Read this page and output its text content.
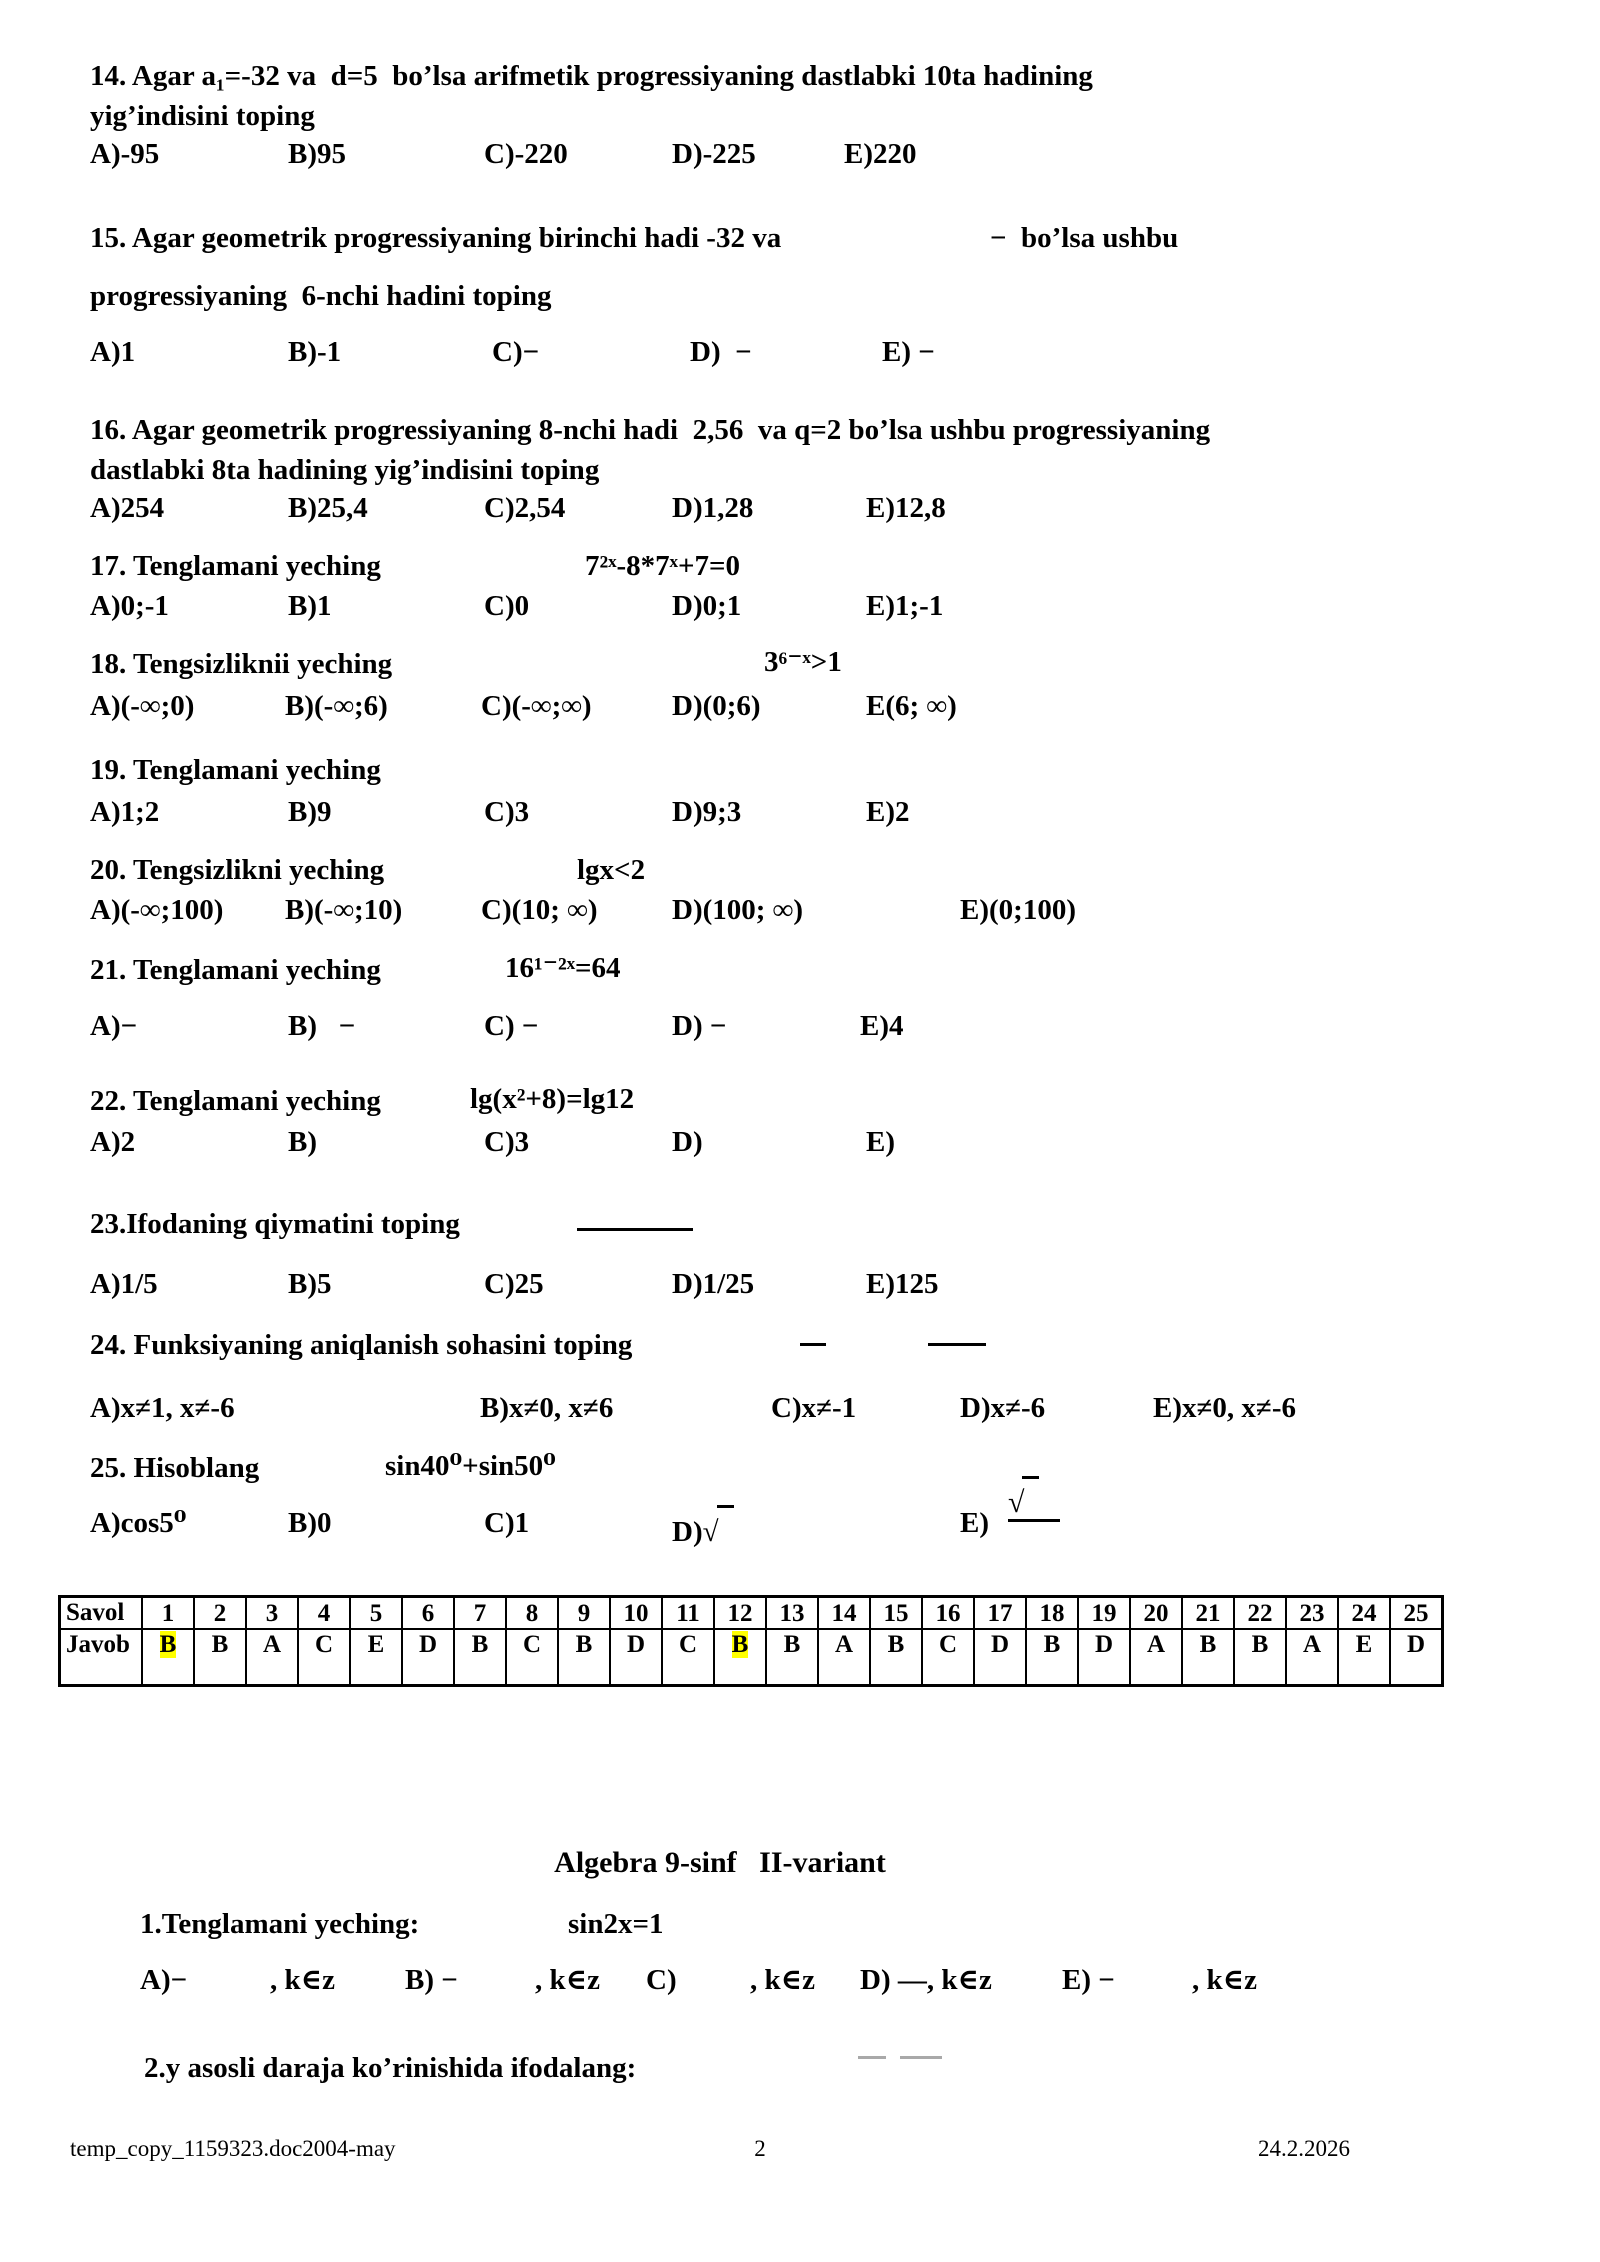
14. Agar a₁=-32 va  d=5  bo’lsa arifmetik progressiyaning dastlabki 10ta hadining
yig’indisini toping
A)-95	B)95	C)-220	D)-225	E)220
15. Agar geometrik progressiyaning birinchi hadi -32 va	−  bo’lsa ushbu
progressiyaning  6-nchi hadini toping
A)1	B)-1	C)−	D)  −	E) −
16. Agar geometrik progressiyaning 8-nchi hadi  2,56  va q=2 bo’lsa ushbu progressiyaning
dastlabki 8ta hadining yig’indisini toping
A)254	B)25,4	C)2,54	D)1,28	E)12,8
17. Tenglamani yeching	7²ˣ-8*7ˣ+7=0
A)0;-1	B)1	C)0	D)0;1	E)1;-1
18. Tengsizliknii yeching	3⁶⁻ˣ>1
A)(-∞;0)	B)(-∞;6)	C)(-∞;∞)	D)(0;6)	E(6; ∞)
19. Tenglamani yeching
A)1;2	B)9	C)3	D)9;3	E)2
20. Tengsizlikni yeching	lgx<2
A)(-∞;100) B)(-∞;10)	C)(10; ∞)	D)(100; ∞)	E)(0;100)
21. Tenglamani yeching	16¹⁻²ˣ=64
A)−	B)   −	C) −	D) −	E)4
22. Tenglamani yeching	lg(x²+8)=lg12
A)2	B)	C)3	D)	E)
23.Ifodaning qiymatini toping
A)1/5	B)5	C)25	D)1/25	E)125
24. Funksiyaning aniqlanish sohasini toping
A)x≠1, x≠-6	B)x≠0, x≠6	C)x≠-1	D)x≠-6	E)x≠0, x≠-6
25. Hisoblang	sin40⁰+sin50⁰
A)cos5⁰	B)0	C)1	D)√	E)
√
Savol	1	2	3	4	5	6	7	8	9	10	11	12	13	14	15	16	17	18	19	20	21	22	23	24	25
Javob	B	B	A	C	E	D	B	C	B	D	C	B	B	A	B	C	D	B	D	A	B	B	A	E	D
Algebra 9-sinf   II-variant
1.Tenglamani yeching:	sin2x=1
A)−	, k∈z B) −	, k∈z C)	, k∈z D) —, k∈z E) −	, k∈z
2.y asosli daraja ko’rinishida ifodalang:
temp_copy_1159323.doc2004-may	2	24.2.2026
